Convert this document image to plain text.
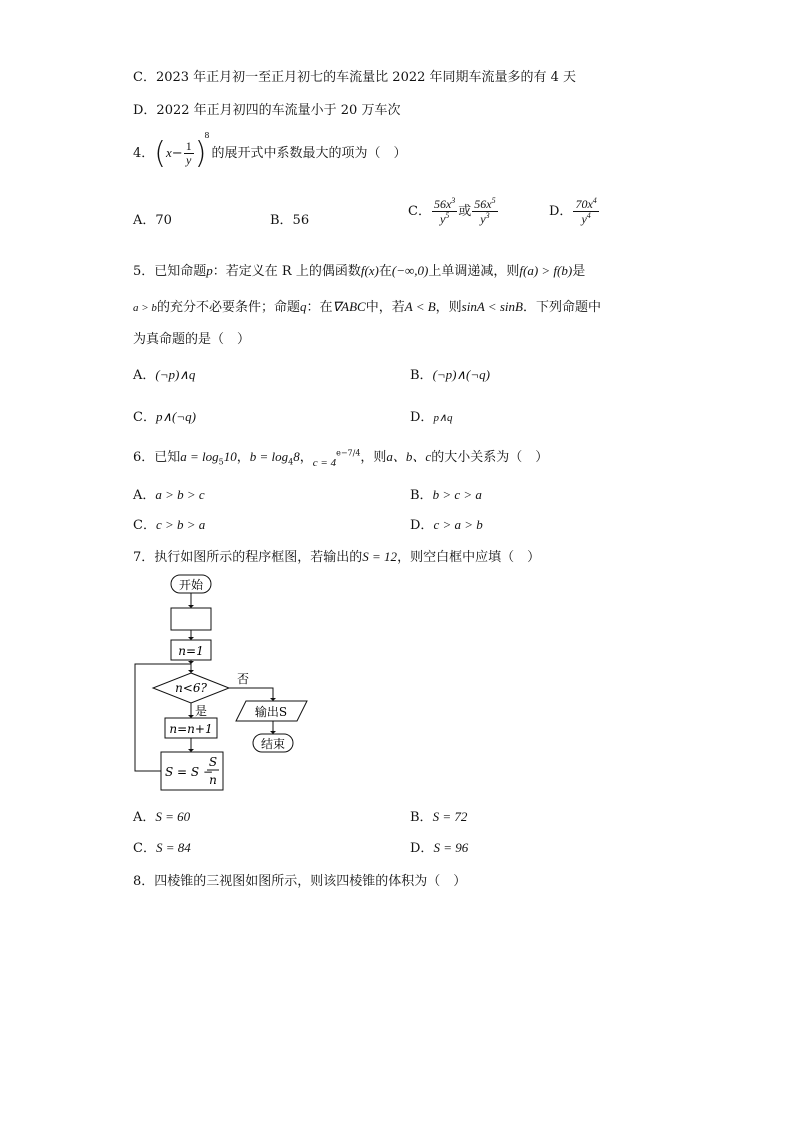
C．2023 年正月初一至正月初七的车流量比 2022 年同期车流量多的有 4 天
D．2022 年正月初四的车流量小于 20 万车次
4．$(x- \frac{1}{y} )^8$的展开式中系数最大的项为（　）
A．70	B．56
C． $\frac{56x^3}{y^5}$ 或 $\frac{56x^5}{y^3}$	D． $\frac{70x^4}{y^4}$
5．已知命题p：若定义在 R 上的偶函数f(x)在(−∞,0)上单调递减，则f(a) > f(b)是
a > b的充分不必要条件；命题q：在∇ABC中，若A < B，则sinA < sinB．下列命题中
为真命题的是（　）
A．(¬p)∧q	B．(¬p)∧(¬q)
C．p∧(¬q)	D．p∧q
6．已知$a = \log_510$，$b = \log_48$，$_{c = 4}^{e-7/4}$，则a、b、c的大小关系为（　）
A．a > b > c	B．b > c > a
C．c > b > a	D．c > a > b
7．执行如图所示的程序框图，若输出的S = 12，则空白框中应填（　）
开始
n=1
n<6?
否
是
n=n+1
S = S −
S
n
输出S
结束
A．S = 60	B．S = 72
C．S = 84	D．S = 96
8．四棱锥的三视图如图所示，则该四棱锥的体积为（　）
